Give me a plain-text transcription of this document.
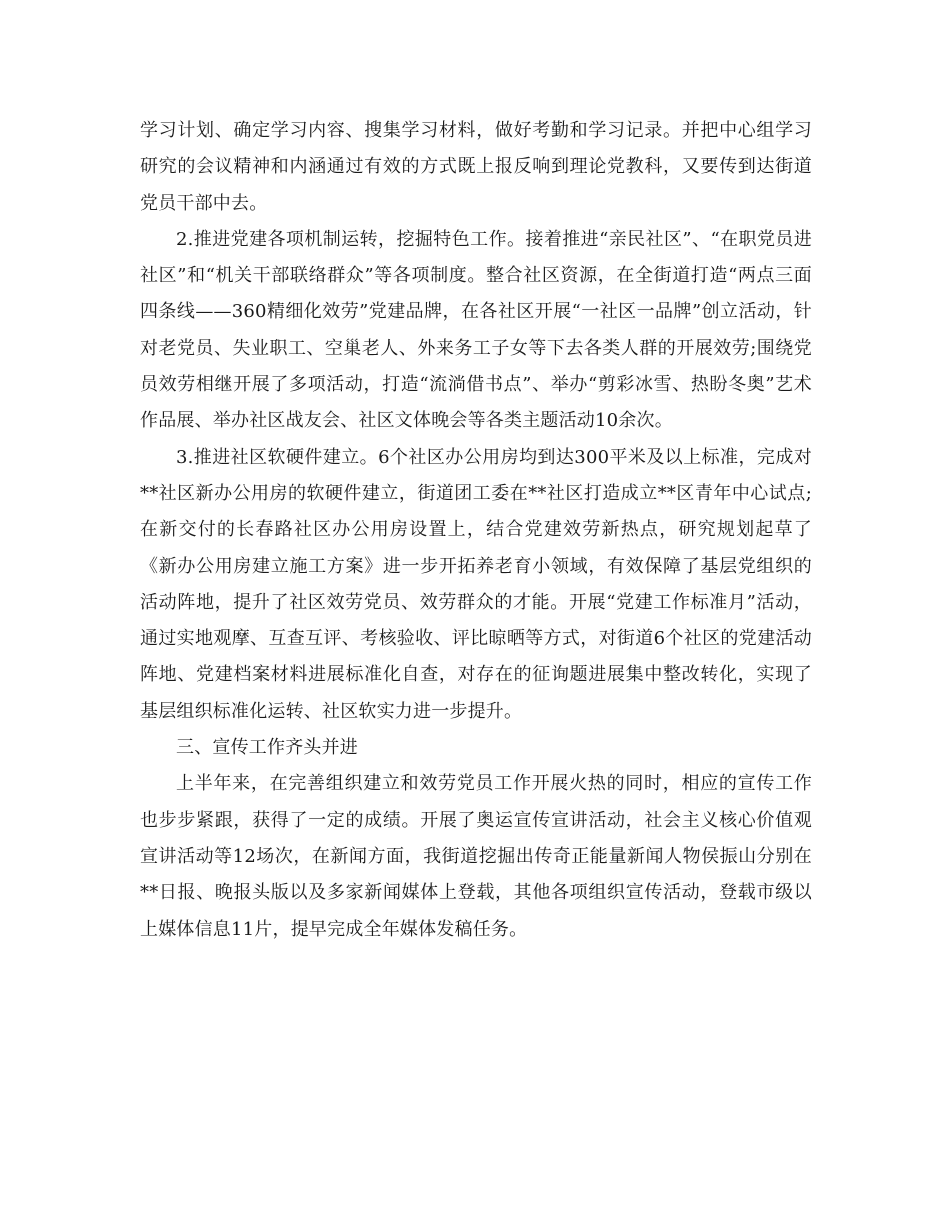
学习计划、确定学习内容、搜集学习材料，做好考勤和学习记录。并把中心组学习研究的会议精神和内涵通过有效的方式既上报反响到理论党教科，又要传到达街道党员干部中去。

2.推进党建各项机制运转，挖掘特色工作。接着推进“亲民社区”、“在职党员进社区”和“机关干部联络群众”等各项制度。整合社区资源，在全街道打造“两点三面四条线——360精细化效劳”党建品牌，在各社区开展“一社区一品牌”创立活动，针对老党员、失业职工、空巢老人、外来务工子女等下去各类人群的开展效劳;围绕党员效劳相继开展了多项活动，打造“流淌借书点”、举办“剪彩冰雪、热盼冬奥”艺术作品展、举办社区战友会、社区文体晚会等各类主题活动10余次。

3.推进社区软硬件建立。6个社区办公用房均到达300平米及以上标准，完成对**社区新办公用房的软硬件建立，街道团工委在**社区打造成立**区青年中心试点;在新交付的长春路社区办公用房设置上，结合党建效劳新热点，研究规划起草了《新办公用房建立施工方案》进一步开拓养老育小领域，有效保障了基层党组织的活动阵地，提升了社区效劳党员、效劳群众的才能。开展“党建工作标准月”活动，通过实地观摩、互查互评、考核验收、评比晾晒等方式，对街道6个社区的党建活动阵地、党建档案材料进展标准化自查，对存在的征询题进展集中整改转化，实现了基层组织标准化运转、社区软实力进一步提升。

三、宣传工作齐头并进

上半年来，在完善组织建立和效劳党员工作开展火热的同时，相应的宣传工作也步步紧跟，获得了一定的成绩。开展了奥运宣传宣讲活动，社会主义核心价值观宣讲活动等12场次，在新闻方面，我街道挖掘出传奇正能量新闻人物侯振山分别在**日报、晚报头版以及多家新闻媒体上登载，其他各项组织宣传活动，登载市级以上媒体信息11片，提早完成全年媒体发稿任务。
